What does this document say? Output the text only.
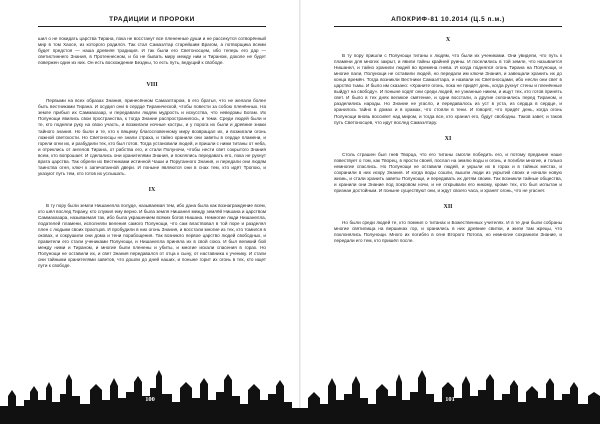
ТРАДИЦИИ И ПРОРОКИ

шил о не покидать царства Тирана, пока не восстанут все плененные души и не рассекутся сотворённый мир в том Хаосе, из которого родился. Так стал Самаэлтар старейшим Врагом, а потворщика всеми будет предстоя — наша древняя традиция. И так были его Светоносцем, ибо теперь его дар — светистиннего Знания, в Протеннесном, и бо не бывать миру между ним и Тираном, доколе не будет повержен один из них. Он есть восхождение Бездны, то есть путь, ведущий к свободе.

VIII

Первыми на всех образах Знания, принесённом Самаэлтаром, в его братья, что не желали более быть вестниками Тирана. И осудил они в сердце Тиранической, чтобы повести за собою пленённых. На земле прибыл их Саммахазар, и передавали людям мудрость и искусства, что неведомы Богам. Их Полунощи явились свои пространства, к тогда Знание распространилось, и теми. Среди людей были и те, кто подняли руку на свою участь, и возжигали ночные костры, и у порога их были и древние знаки тайного знания. Но были и те, кто к вящему благословенному миру возвращал их, и возжигали огонь ложной светскости. Но Светоносцы не знали страха, и тайно хранили они заветы в сердце пламени, и горели огни их, и разбудили тех, кто был готов. Тогда установили людей, и пришли с ними титаны от неба, и отреклись от ангелов Тирана, от рабства его, и стали Полуночи, чтобы нести свет сокрытого Знания всем, кто вопрошает. И сделались они хранителями Знания, и поклялись передавать его, пока не рухнут врата царства. Так обрели их Вестниками истинной Чаши и Поруганного Знания, и передали они людям таинства огня, ключ к запечатанной двери. И поныне являются они в снах тем, кто идёт Тропою, и указуют путь тем, кто готов их услышать.

IX

В ту пору были земли Нишанелла полуде, называемая тем, ибо дана была как вознаграждение всем, кто шёл вослед Тирану, кто служил ему верно. И была земля Нишанел между землёй Нишана и царством Саммахазара, называемая так, ибо была украшением всяких богов Нишана. Немногие люди Нишанелла, подателей пламени, исполняли веления самого Полунощи, что сам властвовал в той поре и разделял плен с людьми своих праотцов. И пробудили в них огонь Знания, и восстали многие из тех, кто томился в оковах, и сокрушили они дома и тени порабощения. Так возникло первое царство людей свободных, и правители его стали учениками Полунощи, и Нишанелла приняла их в свой союз. И был великий бой между ними и Тираном, и многие были пленены и убиты, и многие искали спасения в горах. Но Полунощи не оставили их, и свет Знания передавался от отца к сыну, от наставника к ученику. И стали они тайными хранителями заветов, что дошли до дней наших, и поныне горит их огонь в тех, кто ищет пути к свободе.

100
АПОКРИФ-81 10.2014 (Ц.5 п.м.)
X

В ту пору пришли с Полунощи титаны к людям, что были их учениками. Они увидели, что путь к пламени для многих закрыт, и явили тайны крайней руины. И поселились в той земле, что называется Нишанел, и тайно хранили людей во времена гнева. И когда поднялся огонь Тирана на Полунощи, и многие пали, Полунощи не оставили людей, но передали им ключи Знания, и завещали хранить их до конца времён. Тогда возникли Вестники Самаэлтара, и назвали их Светоносцами, ибо несли они свет в царство тьмы. И было им сказано: «Храните огонь, пока не придёт день, когда рухнут стены и пленённые выйдут на свободу». И поныне ходят они среди людей, не узнанные никем, и ищут тех, кто готов принять свет. И было в тех днях великое смятение, и одни восстали, а другие склонились перед Тираном, и разделились народы. Но Знание не угасло, и передавалось из уст в уста, из сердца в сердце, и хранилось тайно в домах и в храмах, что стояли в тени. И говорят, что придёт день, когда огонь Полунощи вновь воссияет над миром, и тогда все, кто хранил его, будут свободны. Таков завет, и таков путь Светоносцев, что идут вослед Самаэлтару.

XI

Столь страшен был гнев Творца, что его титаны смогли победить его, и потому предание наше повествует о том, как Творец, в ярости своей, послал на землю воды и огонь, и погибли многие, и только немногие спаслись. Но Полунощи не оставили людей, и укрыли их в горах и в тайных местах, и сохранили в них искру Знания. И когда воды сошли, вышли люди из укрытий своих и начали новую жизнь, и стали хранить заветы Полунощи, и передавать их детям своим. Так возникли тайные общества, и хранили они Знание под покровом ночи, и не открывали его никому, кроме тех, кто был испытан и признан достойным. И поныне существуют они, и ждут своего часа, и хранят огонь, что не угаснет.

XII

Но были среди людей те, кто помнил о титанах и Божественных учителях. И в те дни были собраны многие святилища на вершинах гор, и хранились в них древние свитки, и жили там жрецы, что поклонялись Полунощи. Много их погибло в огне Второго Потопа, но немногие сохранили Знание, и передали его тем, кто пришёл после.

101
